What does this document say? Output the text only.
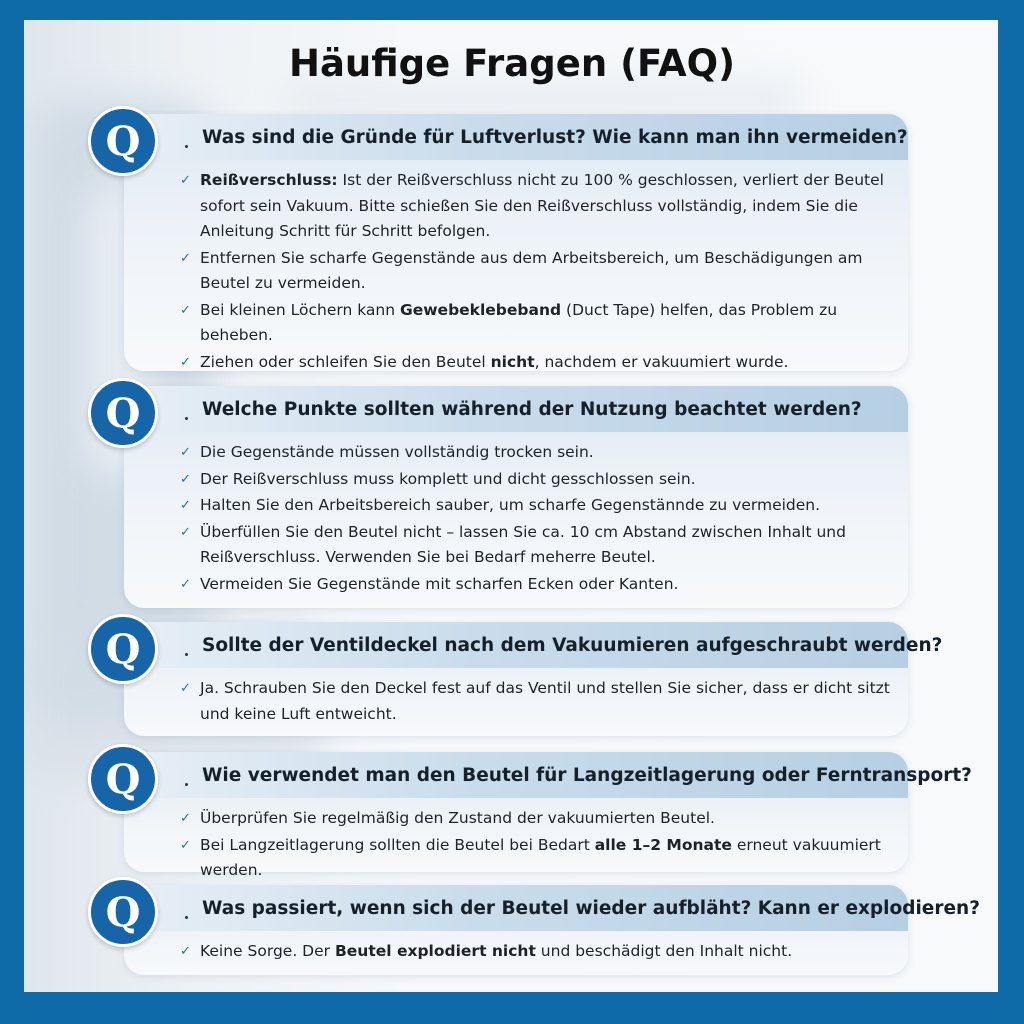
Häufige Fragen (FAQ)
Was sind die Gründe für Luftverlust? Wie kann man ihn vermeiden?
✓ Reißverschluss: Ist der Reißverschluss nicht zu 100 % geschlossen, verliert der Beutel sofort sein Vakuum. Bitte schießen Sie den Reißverschluss vollständig, indem Sie die Anleitung Schritt für Schritt befolgen.
✓ Entfernen Sie scharfe Gegenstände aus dem Arbeitsbereich, um Beschädigungen am Beutel zu vermeiden.
✓ Bei kleinen Löchern kann Gewebeklebeband (Duct Tape) helfen, das Problem zu beheben.
✓ Ziehen oder schleifen Sie den Beutel nicht, nachdem er vakuumiert wurde.
Q
Welche Punkte sollten während der Nutzung beachtet werden?
✓ Die Gegenstände müssen vollständig trocken sein.
✓ Der Reißverschluss muss komplett und dicht gesschlossen sein.
✓ Halten Sie den Arbeitsbereich sauber, um scharfe Gegenstännde zu vermeiden.
✓ Überfüllen Sie den Beutel nicht – lassen Sie ca. 10 cm Abstand zwischen Inhalt und Reißverschluss. Verwenden Sie bei Bedarf meherre Beutel.
✓ Vermeiden Sie Gegenstände mit scharfen Ecken oder Kanten.
Q
Sollte der Ventildeckel nach dem Vakuumieren aufgeschraubt werden?
✓ Ja. Schrauben Sie den Deckel fest auf das Ventil und stellen Sie sicher, dass er dicht sitzt und keine Luft entweicht.
Q
Wie verwendet man den Beutel für Langzeitlagerung oder Ferntransport?
✓ Überprüfen Sie regelmäßig den Zustand der vakuumierten Beutel.
✓ Bei Langzeitlagerung sollten die Beutel bei Bedart alle 1–2 Monate erneut vakuumiert werden.
Q
Was passiert, wenn sich der Beutel wieder aufbläht? Kann er explodieren?
✓ Keine Sorge. Der Beutel explodiert nicht und beschädigt den Inhalt nicht.
Q
